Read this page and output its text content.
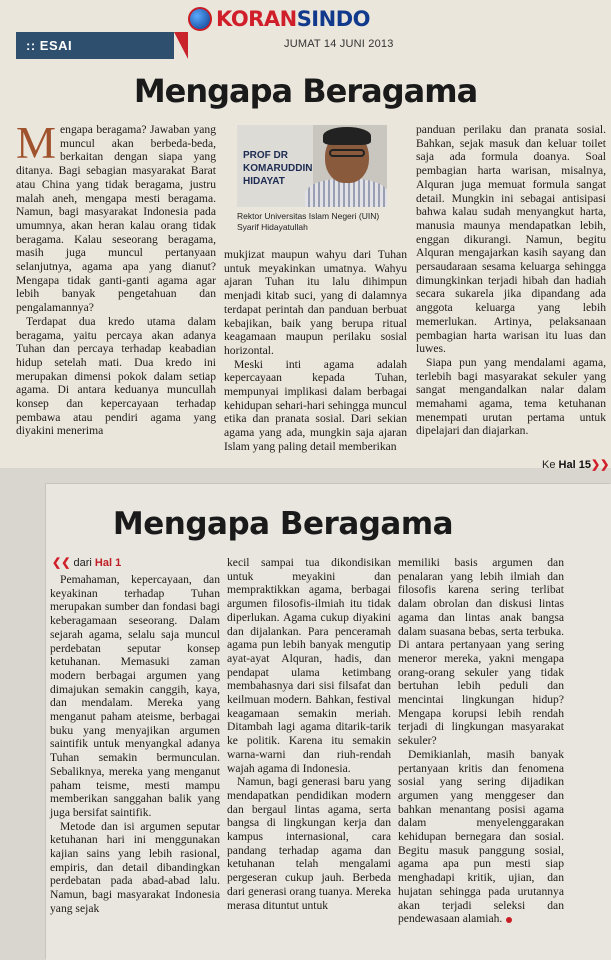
KORANSINDO
JUMAT 14 JUNI 2013
:: ESAI
Mengapa Beragama

Mengapa beragama? Jawaban yang muncul akan berbeda-beda, berkaitan dengan siapa yang ditanya. Bagi sebagian masyarakat Barat atau China yang tidak beragama, justru malah aneh, mengapa mesti beragama. Namun, bagi masyarakat Indonesia pada umumnya, akan heran kalau orang tidak beragama. Kalau seseorang beragama, masih juga muncul pertanyaan selanjutnya, agama apa yang dianut? Mengapa tidak ganti-ganti agama agar lebih banyak pengetahuan dan pengalamannya?

Terdapat dua kredo utama dalam beragama, yaitu percaya akan adanya Tuhan dan percaya terhadap keabadian hidup setelah mati. Dua kredo ini merupakan dimensi pokok dalam setiap agama. Di antara keduanya muncullah konsep dan kepercayaan terhadap pembawa atau pendiri agama yang diyakini menerima

PROF DR KOMARUDDIN HIDAYAT
Rektor Universitas Islam Negeri (UIN) Syarif Hidayatullah

mukjizat maupun wahyu dari Tuhan untuk meyakinkan umatnya. Wahyu ajaran Tuhan itu lalu dihimpun menjadi kitab suci, yang di dalamnya terdapat perintah dan panduan berbuat kebajikan, baik yang berupa ritual keagamaan maupun perilaku sosial horizontal.

Meski inti agama adalah kepercayaan kepada Tuhan, mempunyai implikasi dalam berbagai kehidupan sehari-hari sehingga muncul etika dan pranata sosial. Dari sekian agama yang ada, mungkin saja ajaran Islam yang paling detail memberikan

panduan perilaku dan pranata sosial. Bahkan, sejak masuk dan keluar toilet saja ada formula doanya. Soal pembagian harta warisan, misalnya, Alquran juga memuat formula sangat detail. Mungkin ini sebagai antisipasi bahwa kalau sudah menyangkut harta, manusia maunya mendapatkan lebih, enggan dikurangi. Namun, begitu Alquran mengajarkan kasih sayang dan persaudaraan sesama keluarga sehingga dimungkinkan terjadi hibah dan hadiah secara sukarela jika dipandang ada anggota keluarga yang lebih memerlukan. Artinya, pelaksanaan pembagian harta warisan itu luas dan luwes.

Siapa pun yang mendalami agama, terlebih bagi masyarakat sekuler yang sangat mengandalkan nalar dalam memahami agama, tema ketuhanan menempati urutan pertama untuk dipelajari dan diajarkan.

Ke Hal 15❯❯
Mengapa Beragama
❮❮ dari Hal 1

Pemahaman, kepercayaan, dan keyakinan terhadap Tuhan merupakan sumber dan fondasi bagi keberagamaan seseorang. Dalam sejarah agama, selalu saja muncul perdebatan seputar konsep ketuhanan. Memasuki zaman modern berbagai argumen yang dimajukan semakin canggih, kaya, dan mendalam. Mereka yang menganut paham ateisme, berbagai buku yang menyajikan argumen saintifik untuk menyangkal adanya Tuhan semakin bermunculan. Sebaliknya, mereka yang menganut paham teisme, mesti mampu memberikan sanggahan balik yang juga bersifat saintifik.

Metode dan isi argumen seputar ketuhanan hari ini menggunakan kajian sains yang lebih rasional, empiris, dan detail dibandingkan perdebatan pada abad-abad lalu. Namun, bagi masyarakat Indonesia yang sejak

kecil sampai tua dikondisikan untuk meyakini dan mempraktikkan agama, berbagai argumen filosofis-ilmiah itu tidak diperlukan. Agama cukup diyakini dan dijalankan. Para penceramah agama pun lebih banyak mengutip ayat-ayat Alquran, hadis, dan pendapat ulama ketimbang membahasnya dari sisi filsafat dan keilmuan modern. Bahkan, festival keagamaan semakin meriah. Ditambah lagi agama ditarik-tarik ke politik. Karena itu semakin warna-warni dan riuh-rendah wajah agama di Indonesia.

Namun, bagi generasi baru yang mendapatkan pendidikan modern dan bergaul lintas agama, serta bangsa di lingkungan kerja dan kampus internasional, cara pandang terhadap agama dan ketuhanan telah mengalami pergeseran cukup jauh. Berbeda dari generasi orang tuanya. Mereka merasa dituntut untuk

memiliki basis argumen dan penalaran yang lebih ilmiah dan filosofis karena sering terlibat dalam obrolan dan diskusi lintas agama dan lintas anak bangsa dalam suasana bebas, serta terbuka. Di antara pertanyaan yang sering meneror mereka, yakni mengapa orang-orang sekuler yang tidak bertuhan lebih peduli dan mencintai lingkungan hidup? Mengapa korupsi lebih rendah terjadi di lingkungan masyarakat sekuler?

Demikianlah, masih banyak pertanyaan kritis dan fenomena sosial yang sering dijadikan argumen yang menggeser dan bahkan menantang posisi agama dalam menyelenggarakan kehidupan bernegara dan sosial. Begitu masuk panggung sosial, agama apa pun mesti siap menghadapi kritik, ujian, dan hujatan sehingga pada urutannya akan terjadi seleksi dan pendewasaan alamiah.
